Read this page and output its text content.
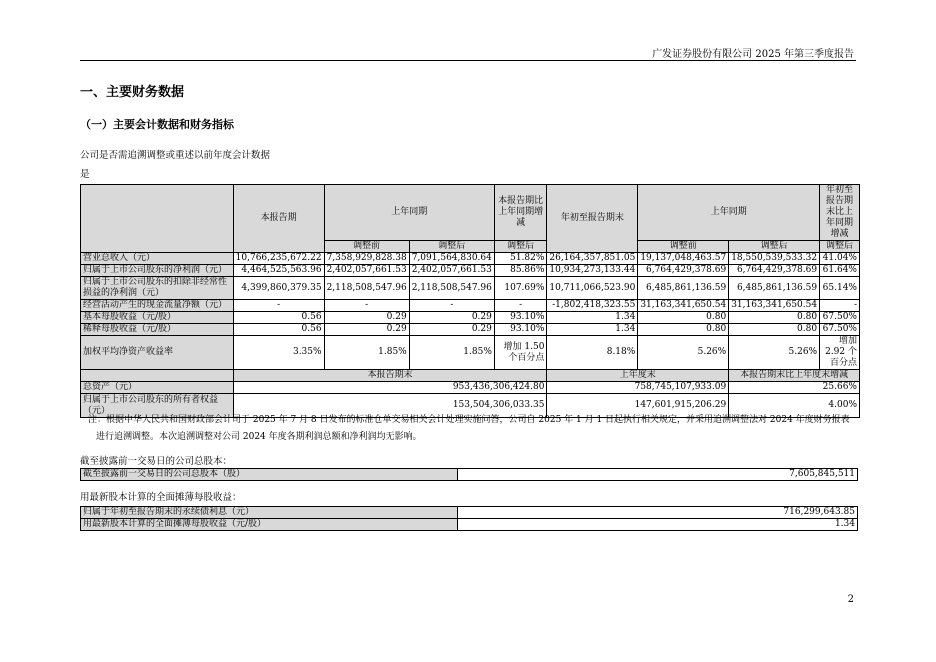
广发证券股份有限公司 2025 年第三季度报告
一、主要财务数据
（一）主要会计数据和财务指标
公司是否需追溯调整或重述以前年度会计数据
是
	本报告期	上年同期		本报告期比上年同期增减	年初至报告期末	上年同期		年初至报告期末比上年同期增减
		调整前	调整后	调整后		调整前	调整后	调整后
营业总收入（元）	10,766,235,672.22	7,358,929,828.38	7,091,564,830.64	51.82%	26,164,357,851.05	19,137,048,463.57	18,550,539,533.32	41.04%
归属于上市公司股东的净利润（元）	4,464,525,563.96	2,402,057,661.53	2,402,057,661.53	85.86%	10,934,273,133.44	6,764,429,378.69	6,764,429,378.69	61.64%
归属于上市公司股东的扣除非经常性损益的净利润（元）	4,399,860,379.35	2,118,508,547.96	2,118,508,547.96	107.69%	10,711,066,523.90	6,485,861,136.59	6,485,861,136.59	65.14%
经营活动产生的现金流量净额（元）	-	-	-	-	-1,802,418,323.55	31,163,341,650.54	31,163,341,650.54	-
基本每股收益（元/股）	0.56	0.29	0.29	93.10%	1.34	0.80	0.80	67.50%
稀释每股收益（元/股）	0.56	0.29	0.29	93.10%	1.34	0.80	0.80	67.50%
加权平均净资产收益率	3.35%	1.85%	1.85%	增加 1.50 个百分点	8.18%	5.26%	5.26%	增加 2.92 个百分点
	本报告期末				上年度末		本报告期末比上年度末增减	
总资产（元）	953,436,306,424.80				758,745,107,933.09		25.66%	
归属于上市公司股东的所有者权益（元）	153,504,306,033.35				147,601,915,206.29		4.00%	
注：根据中华人民共和国财政部会计司于 2025 年 7 月 8 日发布的标准仓单交易相关会计处理实施问答，公司自 2025 年 1 月 1 日起执行相关规定，并采用追溯调整法对 2024 年度财务报表进行追溯调整。本次追溯调整对公司 2024 年度各期利润总额和净利润均无影响。
截至披露前一交易日的公司总股本：
截至披露前一交易日的公司总股本（股）	7,605,845,511
用最新股本计算的全面摊薄每股收益：
归属于年初至报告期末的永续债利息（元）	716,299,643.85
用最新股本计算的全面摊薄每股收益（元/股）	1.34
2
